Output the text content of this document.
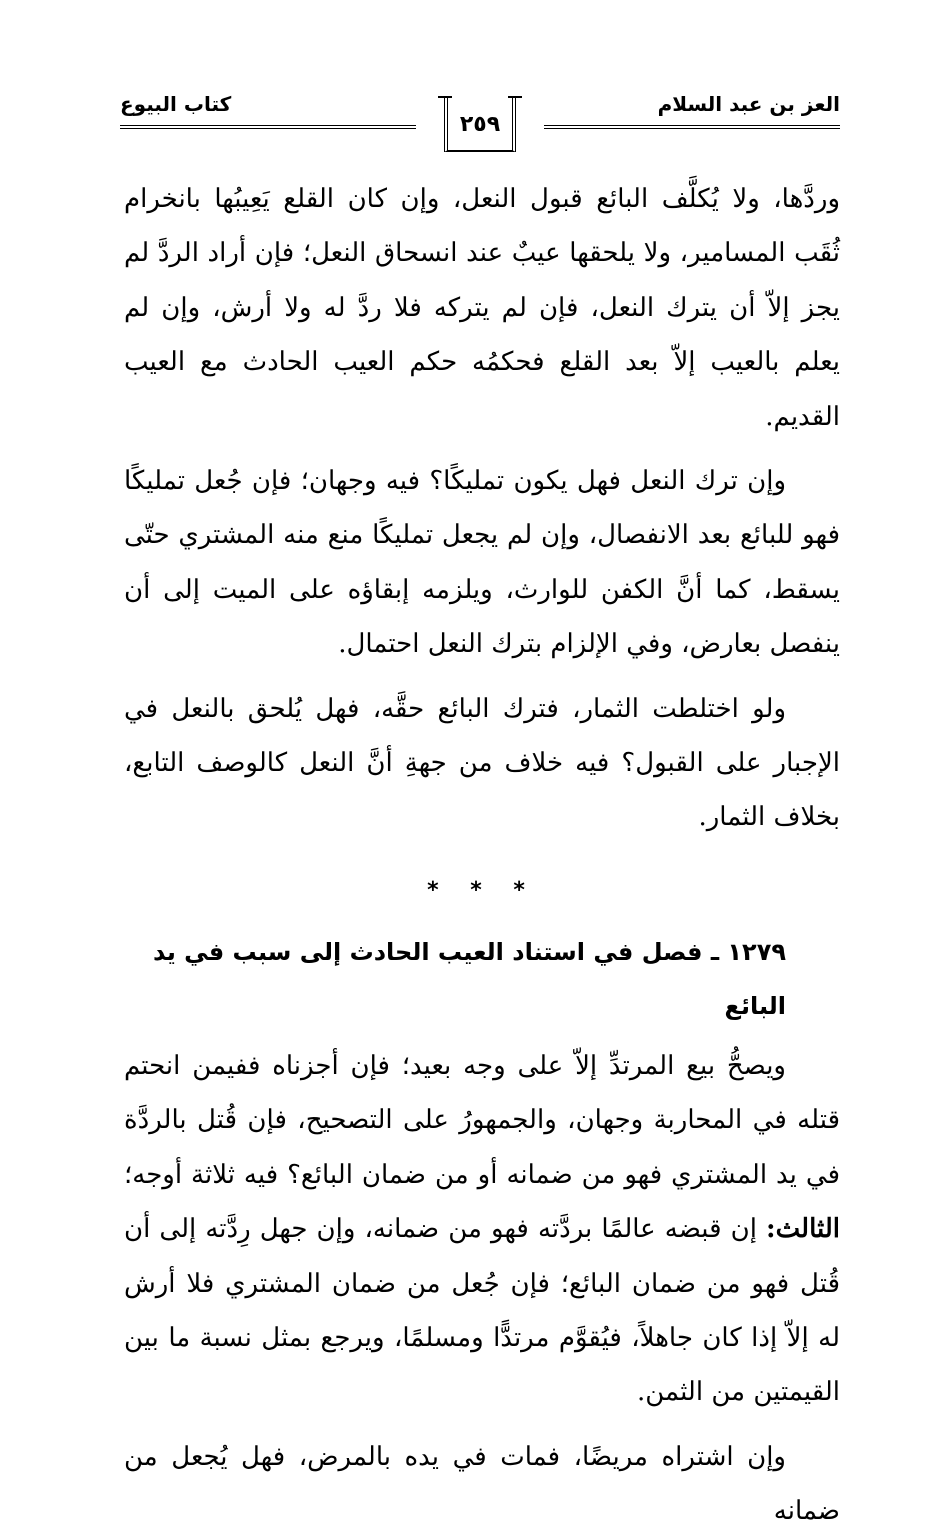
العز بن عبد السلام
٢٥٩
كتاب البيوع

وردَّها، ولا يُكلَّف البائع قبول النعل، وإن كان القلع يَعِيبُها بانخرام ثُقَب المسامير، ولا يلحقها عيبٌ عند انسحاق النعل؛ فإن أراد الردَّ لم يجز إلاّ أن يترك النعل، فإن لم يتركه فلا ردَّ له ولا أرش، وإن لم يعلم بالعيب إلاّ بعد القلع فحكمُه حكم العيب الحادث مع العيب القديم.

وإن ترك النعل فهل يكون تمليكًا؟ فيه وجهان؛ فإن جُعل تمليكًا فهو للبائع بعد الانفصال، وإن لم يجعل تمليكًا منع منه المشتري حتّى يسقط، كما أنَّ الكفن للوارث، ويلزمه إبقاؤه على الميت إلى أن ينفصل بعارض، وفي الإلزام بترك النعل احتمال.

ولو اختلطت الثمار، فترك البائع حقَّه، فهل يُلحق بالنعل في الإجبار على القبول؟ فيه خلاف من جهةِ أنَّ النعل كالوصف التابع، بخلاف الثمار.

* * *
١٢٧٩ ـ فصل في استناد العيب الحادث إلى سبب في يد البائع

ويصحُّ بيع المرتدِّ إلاّ على وجه بعيد؛ فإن أجزناه ففيمن انحتم قتله في المحاربة وجهان، والجمهورُ على التصحيح، فإن قُتل بالردَّة في يد المشتري فهو من ضمانه أو من ضمان البائع؟ فيه ثلاثة أوجه؛ الثالث: إن قبضه عالمًا بردَّته فهو من ضمانه، وإن جهل رِدَّته إلى أن قُتل فهو من ضمان البائع؛ فإن جُعل من ضمان المشتري فلا أرش له إلاّ إذا كان جاهلاً، فيُقوَّم مرتدًّا ومسلمًا، ويرجع بمثل نسبة ما بين القيمتين من الثمن.

وإن اشتراه مريضًا، فمات في يده بالمرض، فهل يُجعل من ضمانه
